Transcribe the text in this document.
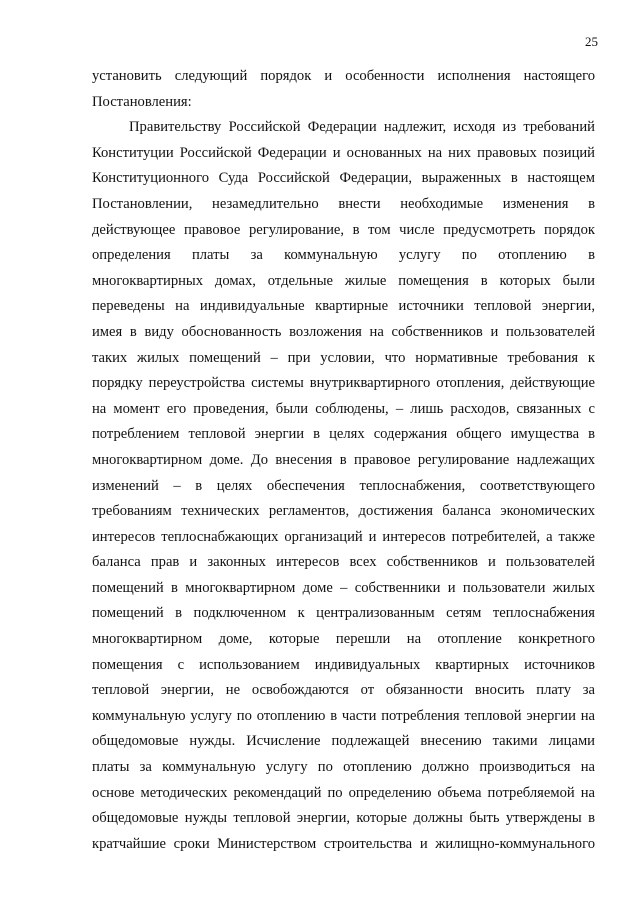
25
установить следующий порядок и особенности исполнения настоящего
Постановления:
Правительству Российской Федерации надлежит, исходя из требований
Конституции Российской Федерации и основанных на них правовых позиций
Конституционного Суда Российской Федерации, выраженных в настоящем
Постановлении, незамедлительно внести необходимые изменения в
действующее правовое регулирование, в том числе предусмотреть порядок
определения платы за коммунальную услугу по отоплению в
многоквартирных домах, отдельные жилые помещения в которых были
переведены на индивидуальные квартирные источники тепловой энергии,
имея в виду обоснованность возложения на собственников и пользователей
таких жилых помещений – при условии, что нормативные требования к
порядку переустройства системы внутриквартирного отопления, действующие
на момент его проведения, были соблюдены, – лишь расходов, связанных с
потреблением тепловой энергии в целях содержания общего имущества в
многоквартирном доме. До внесения в правовое регулирование надлежащих
изменений – в целях обеспечения теплоснабжения, соответствующего
требованиям технических регламентов, достижения баланса экономических
интересов теплоснабжающих организаций и интересов потребителей, а также
баланса прав и законных интересов всех собственников и пользователей
помещений в многоквартирном доме – собственники и пользователи жилых
помещений в подключенном к централизованным сетям теплоснабжения
многоквартирном доме, которые перешли на отопление конкретного
помещения с использованием индивидуальных квартирных источников
тепловой энергии, не освобождаются от обязанности вносить плату за
коммунальную услугу по отоплению в части потребления тепловой энергии на
общедомовые нужды. Исчисление подлежащей внесению такими лицами
платы за коммунальную услугу по отоплению должно производиться на
основе методических рекомендаций по определению объема потребляемой на
общедомовые нужды тепловой энергии, которые должны быть утверждены в
кратчайшие сроки Министерством строительства и жилищно-коммунального
